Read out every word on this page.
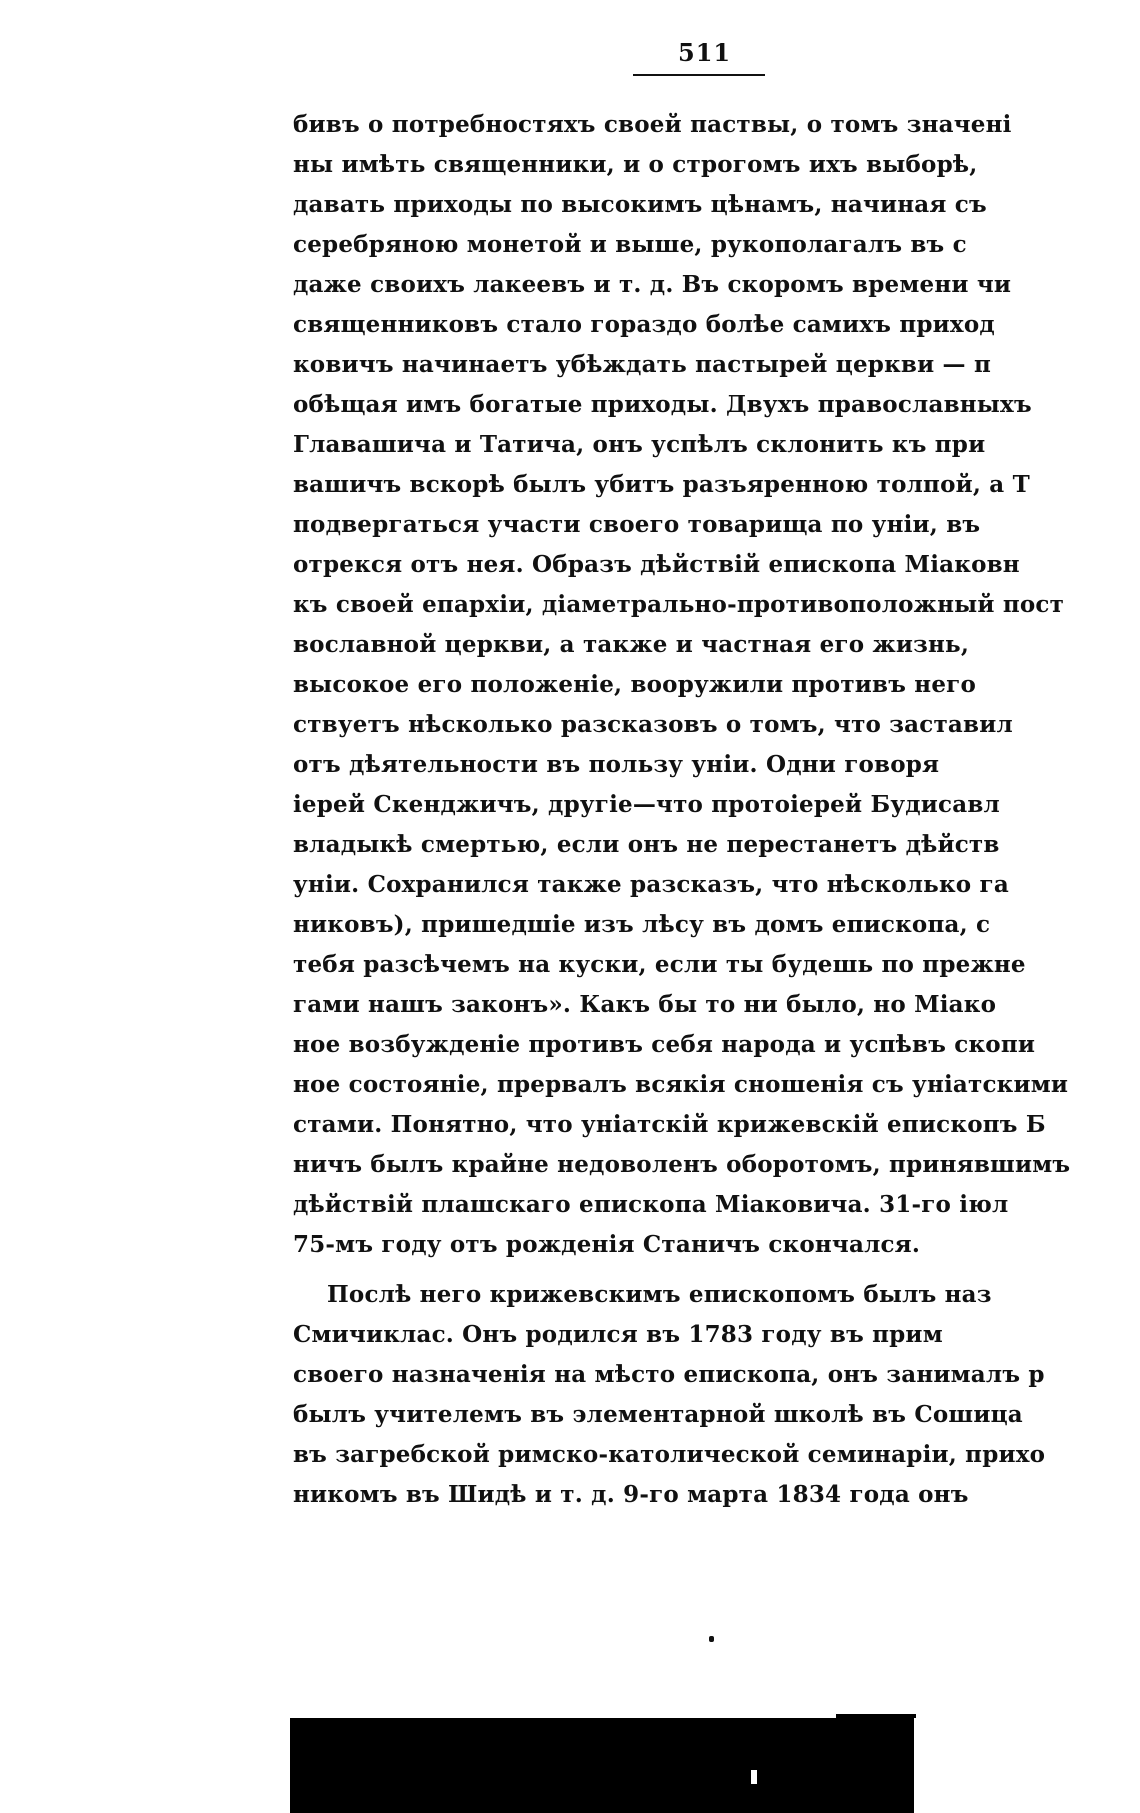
511
бивъ о потребностяхъ своей паствы, о томъ значені
ны имѣть священники, и о строгомъ ихъ выборѣ,
давать приходы по высокимъ цѣнамъ, начиная съ
серебряною монетой и выше, рукополагалъ въ с
даже своихъ лакеевъ и т. д. Въ скоромъ времени чи
священниковъ стало гораздо болѣе самихъ приход
ковичъ начинаетъ убѣждать пастырей церкви — п
обѣщая имъ богатые приходы. Двухъ православныхъ
Главашича и Татича, онъ успѣлъ склонить къ при
вашичъ вскорѣ былъ убитъ разъяренною толпой, а Т
подвергаться участи своего товарища по уніи, въ
отрекся отъ нея. Образъ дѣйствій епископа Міаковн
къ своей епархіи, діаметрально-противоположный пост
вославной церкви, а также и частная его жизнь,
высокое его положеніе, вооружили противъ него
ствуетъ нѣсколько разсказовъ о томъ, что заставил
отъ дѣятельности въ пользу уніи. Одни говоря
іерей Скенджичъ, другіе—что протоіерей Будисавл
владыкѣ смертью, если онъ не перестанетъ дѣйств
уніи. Сохранился также разсказъ, что нѣсколько га
никовъ), пришедшіе изъ лѣсу въ домъ епископа, с
тебя разсѣчемъ на куски, если ты будешь по прежне
гами нашъ законъ». Какъ бы то ни было, но Міако
ное возбужденіе противъ себя народа и успѣвъ скопи
ное состояніе, прервалъ всякія сношенія съ уніатскими
стами. Понятно, что уніатскій крижевскій епископъ Б
ничъ былъ крайне недоволенъ оборотомъ, принявшимъ
дѣйствій плашскаго епископа Міаковича. 31-го іюл
75-мъ году отъ рожденія Станичъ скончался.
Послѣ него крижевскимъ епископомъ былъ наз
Смичиклас. Онъ родился въ 1783 году въ прим
своего назначенія на мѣсто епископа, онъ занималъ р
былъ учителемъ въ элементарной школѣ въ Сошица
въ загребской римско-католической семинаріи, прихо
никомъ въ Шидѣ и т. д. 9-го марта 1834 года онъ
